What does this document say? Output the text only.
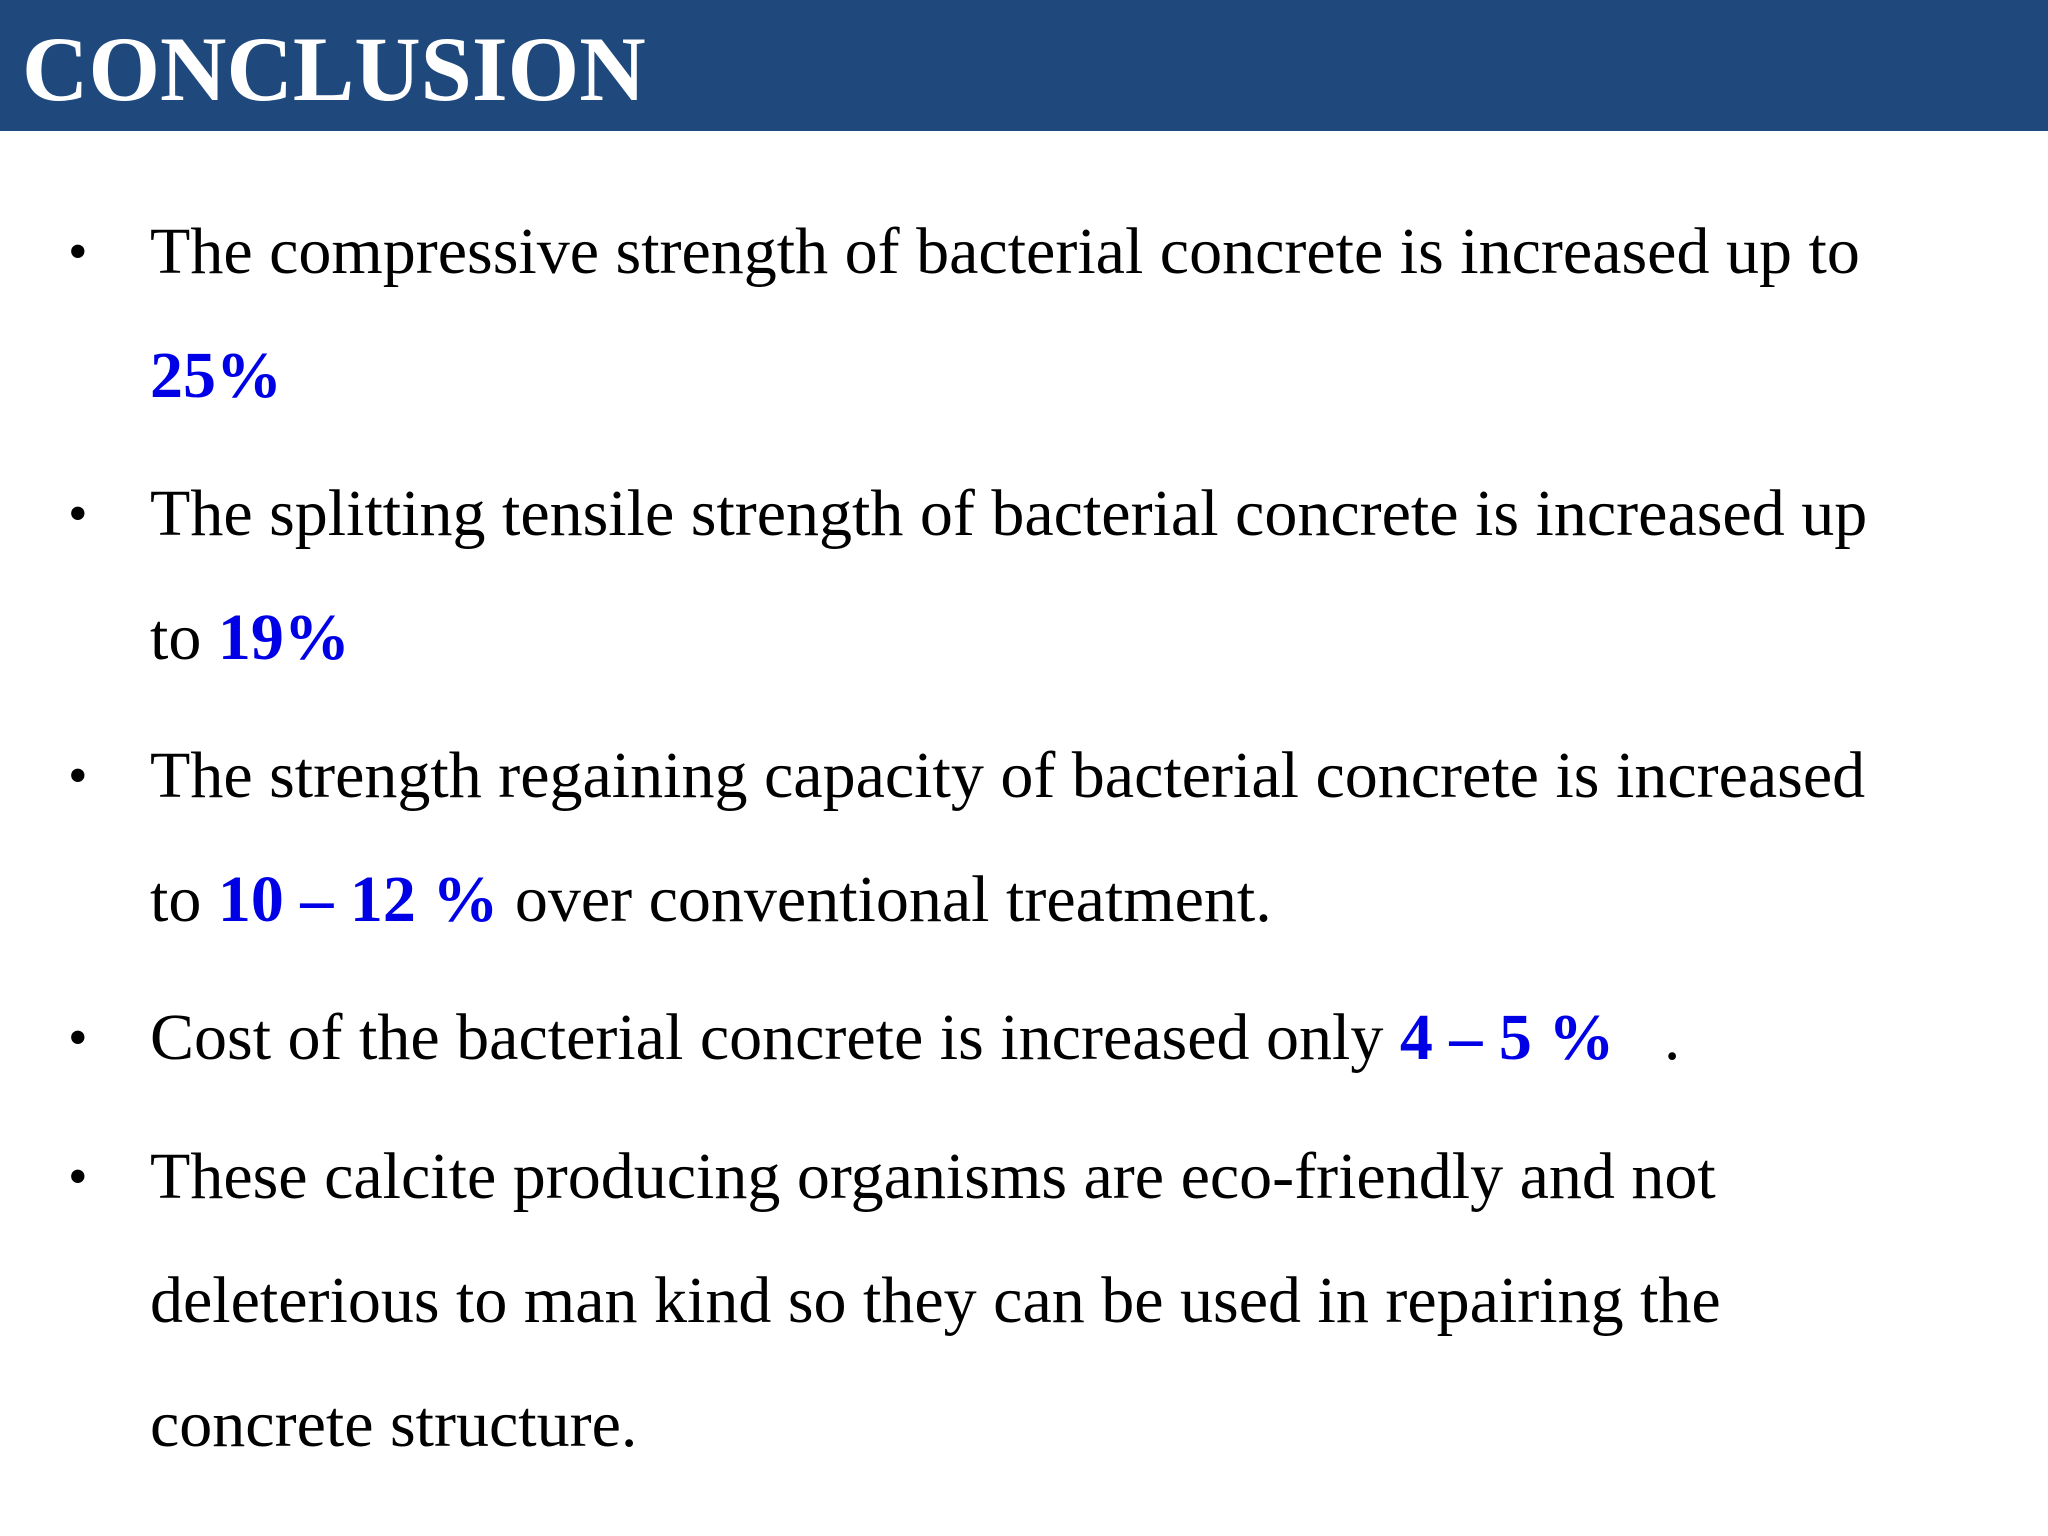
CONCLUSION
• The compressive strength of bacterial concrete is increased up to
25%
• The splitting tensile strength of bacterial concrete is increased up
to 19%
• The strength regaining capacity of bacterial concrete is increased
to 10 – 12 % over conventional treatment.
• Cost of the bacterial concrete is increased only 4 – 5 %   .
• These calcite producing organisms are eco-friendly and not
deleterious to man kind so they can be used in repairing the
concrete structure.
